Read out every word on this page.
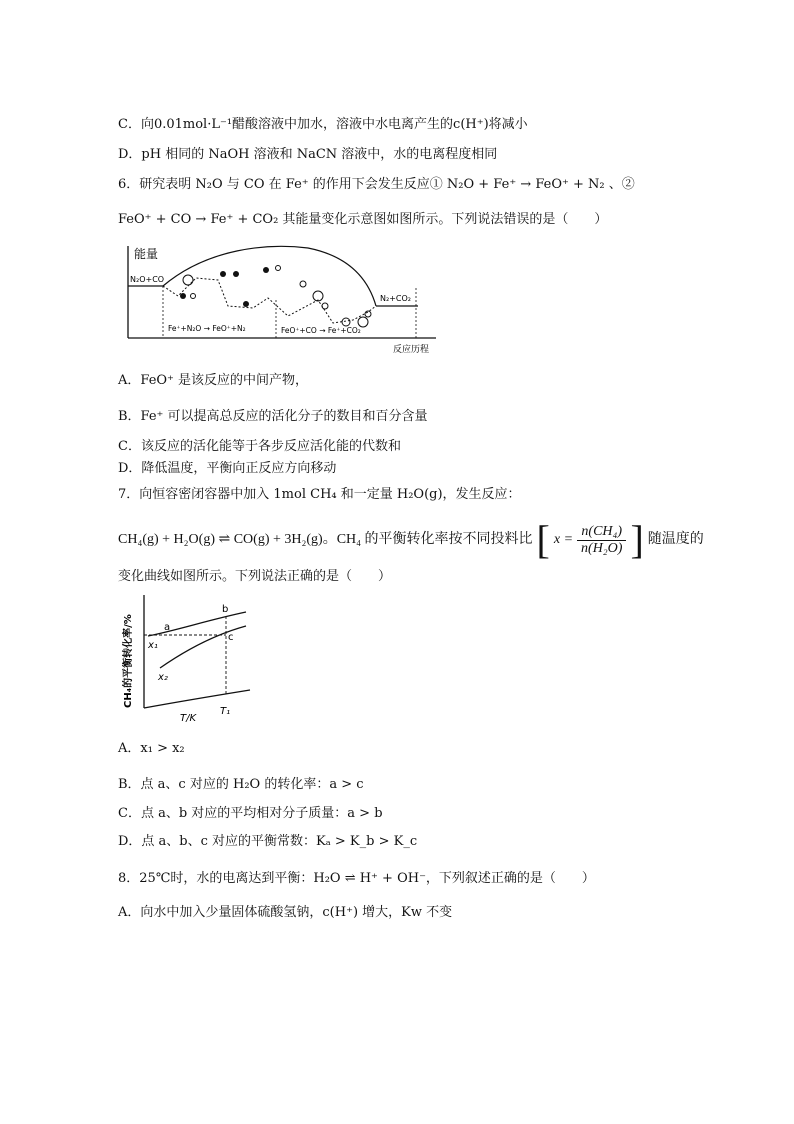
C．向0.01mol·L⁻¹醋酸溶液中加水，溶液中水电离产生的c(H⁺)将减小
D．pH 相同的 NaOH 溶液和 NaCN 溶液中，水的电离程度相同
6．研究表明 N₂O 与 CO 在 Fe⁺ 的作用下会发生反应① N₂O + Fe⁺ → FeO⁺ + N₂ 、②
FeO⁺ + CO → Fe⁺ + CO₂ 其能量变化示意图如图所示。下列说法错误的是（　　）
能量
反应历程
N₂O+CO
N₂+CO₂
Fe⁺+N₂O → FeO⁺+N₂	FeO⁺+CO → Fe⁺+CO₂
A．FeO⁺ 是该反应的中间产物，
B．Fe⁺ 可以提高总反应的活化分子的数目和百分含量
C．该反应的活化能等于各步反应活化能的代数和
D．降低温度，平衡向正反应方向移动
7．向恒容密闭容器中加入 1mol CH₄ 和一定量 H₂O(g)，发生反应：
CH₄(g) + H₂O(g) ⇌ CO(g) + 3H₂(g)。CH₄ 的平衡转化率按不同投料比 [ $x = \frac{\text{n(CH₄)}}{\text{n(H₂O)}}$ ] 随温度的
变化曲线如图所示。下列说法正确的是（　　）
CH₄的平衡转化率/%	a
b
c
x₁
x₂
T/K
T₁
A．x₁ > x₂
B．点 a、c 对应的 H₂O 的转化率：a > c
C．点 a、b 对应的平均相对分子质量：a > b
D．点 a、b、c 对应的平衡常数：Kₐ > K_b > K_c
8．25℃时，水的电离达到平衡：H₂O ⇌ H⁺ + OH⁻，下列叙述正确的是（　　）
A．向水中加入少量固体硫酸氢钠，c(H⁺) 增大，Kw 不变
